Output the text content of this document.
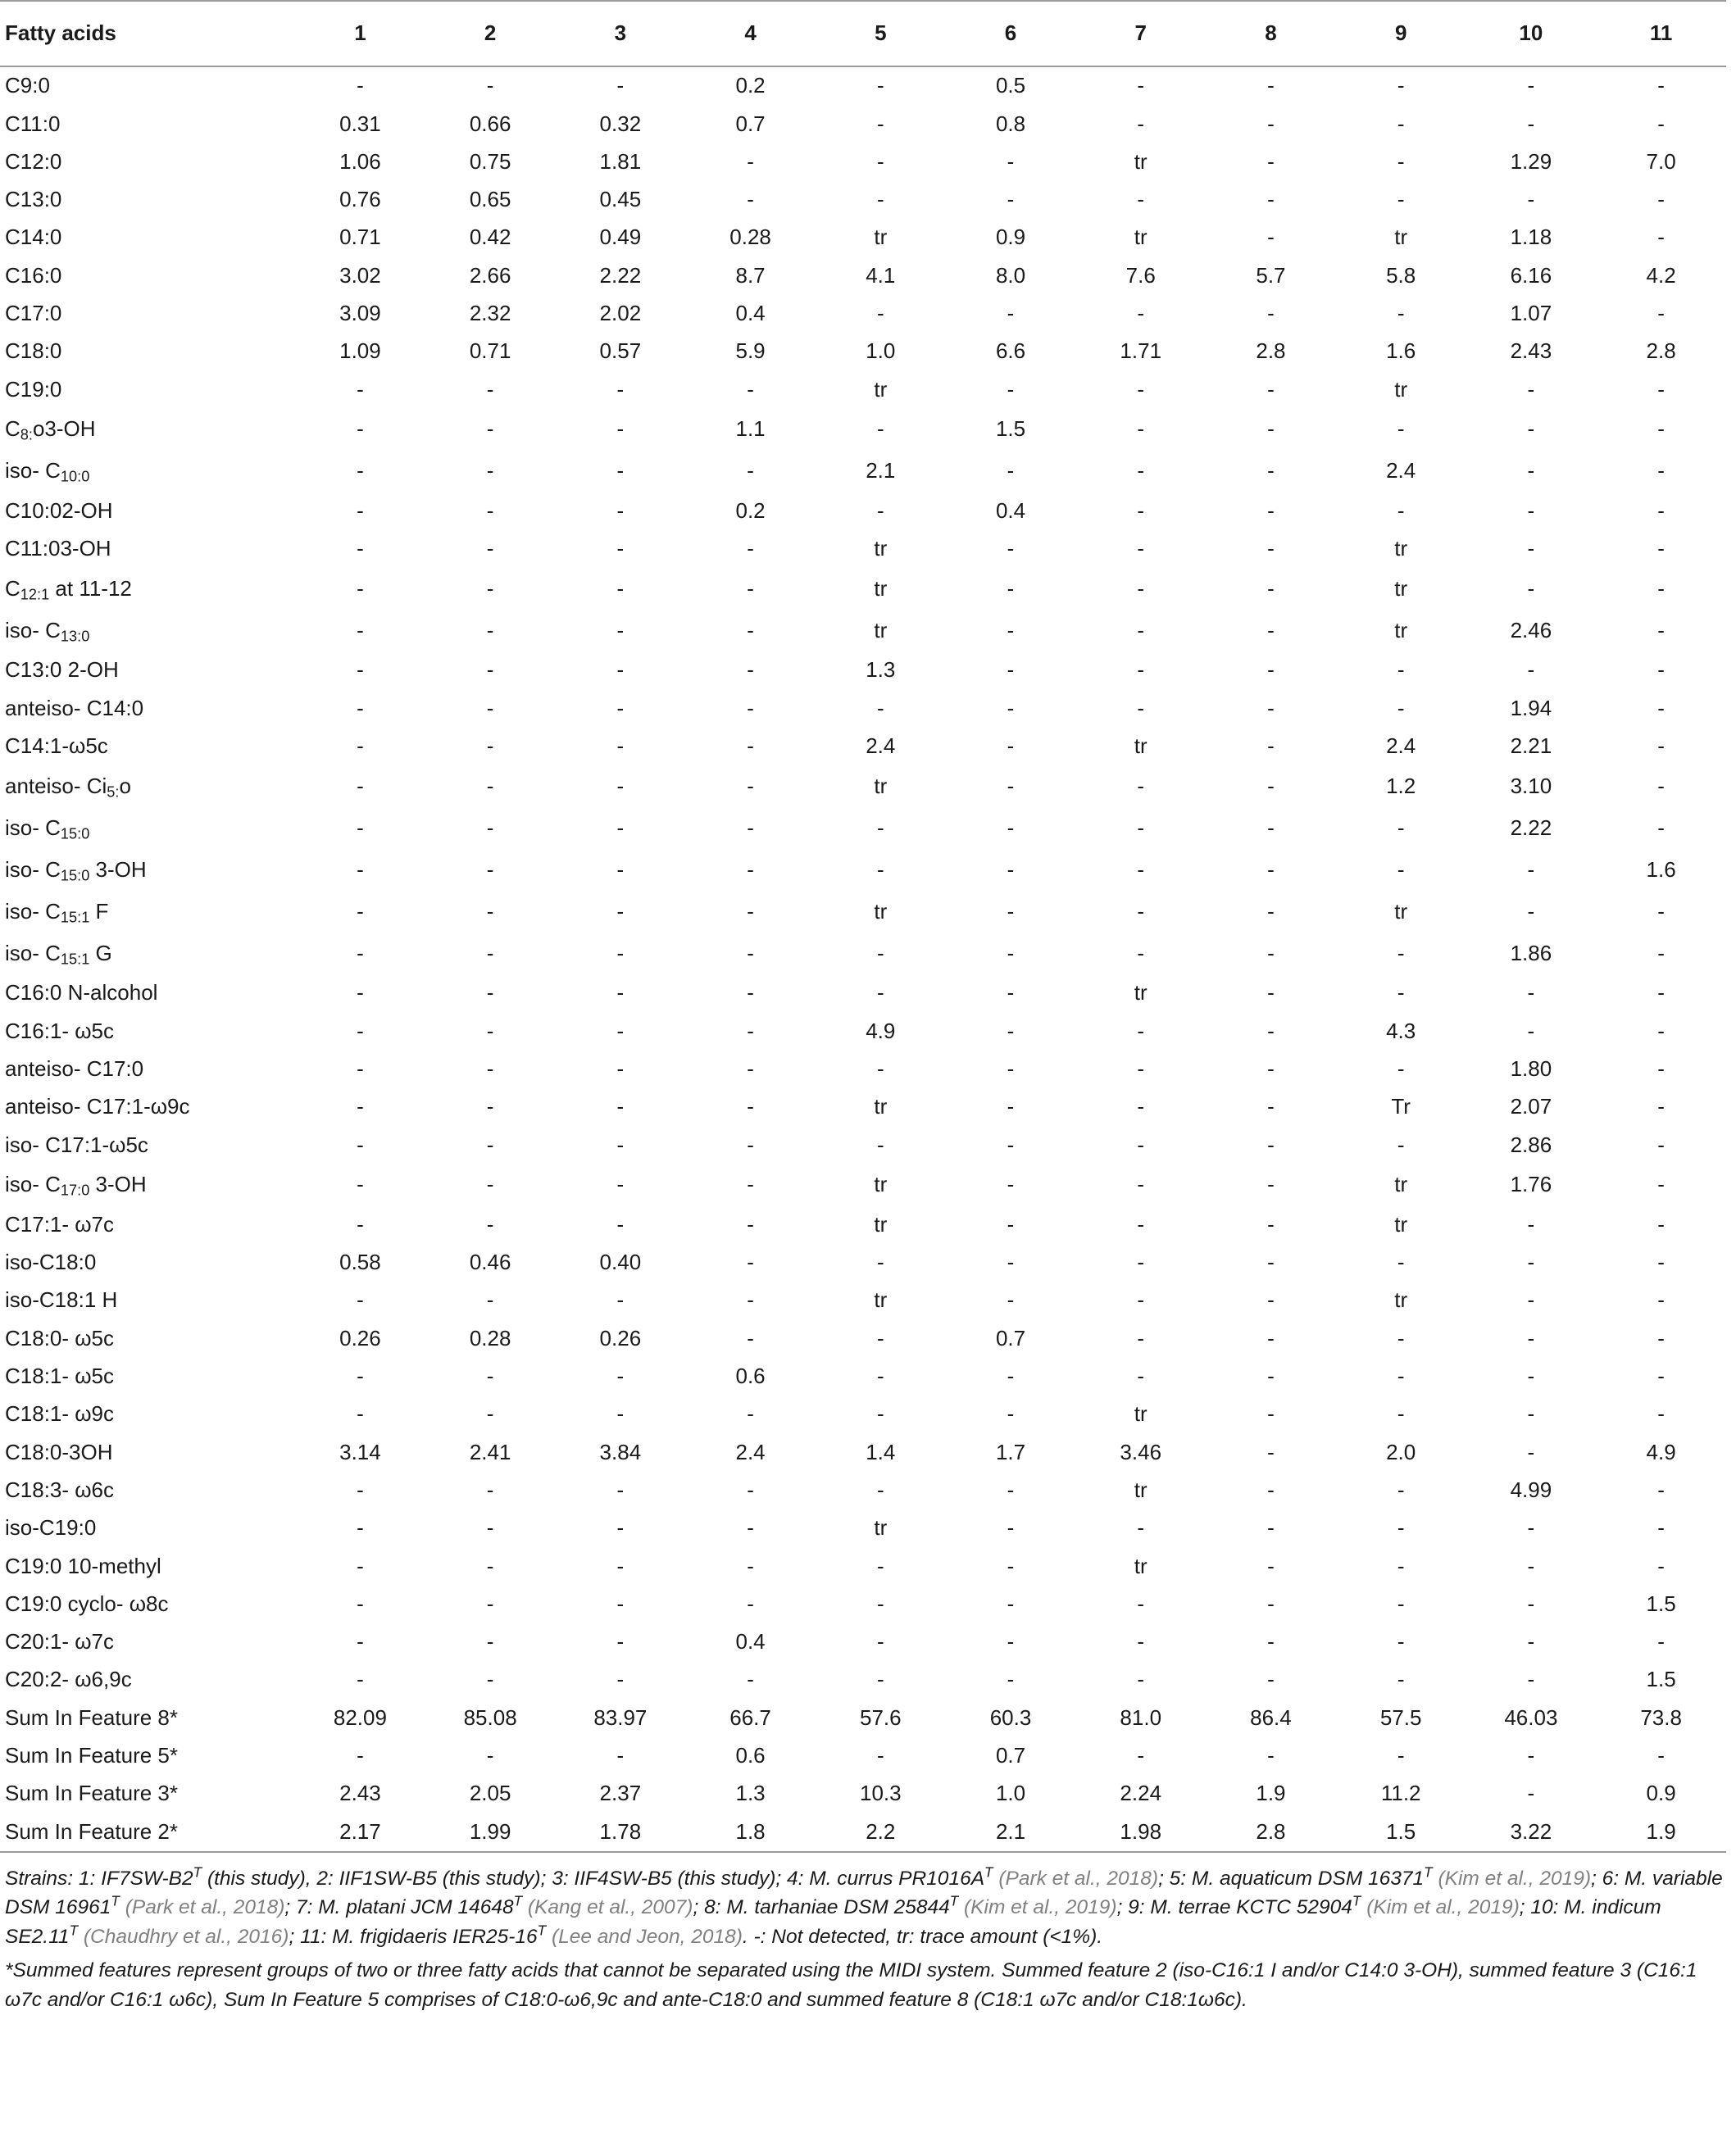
Fatty acids	1	2	3	4	5	6	7	8	9	10	11
C9:0	-	-	-	0.2	-	0.5	-	-	-	-	-
C11:0	0.31	0.66	0.32	0.7	-	0.8	-	-	-	-	-
C12:0	1.06	0.75	1.81	-	-	-	tr	-	-	1.29	7.0
C13:0	0.76	0.65	0.45	-	-	-	-	-	-	-	-
C14:0	0.71	0.42	0.49	0.28	tr	0.9	tr	-	tr	1.18	-
C16:0	3.02	2.66	2.22	8.7	4.1	8.0	7.6	5.7	5.8	6.16	4.2
C17:0	3.09	2.32	2.02	0.4	-	-	-	-	-	1.07	-
C18:0	1.09	0.71	0.57	5.9	1.0	6.6	1.71	2.8	1.6	2.43	2.8
C19:0	-	-	-	-	tr	-	-	-	tr	-	-
$C_{8:}o3-OH$	-	-	-	1.1	-	1.5	-	-	-	-	-
iso- $C_{10:0}$	-	-	-	-	2.1	-	-	-	2.4	-	-
C10:02-OH	-	-	-	0.2	-	0.4	-	-	-	-	-
C11:03-OH	-	-	-	-	tr	-	-	-	tr	-	-
$C_{12:1}$ at 11-12	-	-	-	-	tr	-	-	-	tr	-	-
iso- $C_{13:0}$	-	-	-	-	tr	-	-	-	tr	2.46	-
C13:0 2-OH	-	-	-	-	1.3	-	-	-	-	-	-
anteiso- C14:0	-	-	-	-	-	-	-	-	-	1.94	-
C14:1-ω5c	-	-	-	-	2.4	-	tr	-	2.4	2.21	-
anteiso- $Ci_{5:}o$	-	-	-	-	tr	-	-	-	1.2	3.10	-
iso- $C_{15:0}$	-	-	-	-	-	-	-	-	-	2.22	-
iso- $C_{15:0}$ 3-OH	-	-	-	-	-	-	-	-	-	-	1.6
iso- $C_{15:1}$ F	-	-	-	-	tr	-	-	-	tr	-	-
iso- $C_{15:1}$ G	-	-	-	-	-	-	-	-	-	1.86	-
C16:0 N-alcohol	-	-	-	-	-	-	tr	-	-	-	-
C16:1- ω5c	-	-	-	-	4.9	-	-	-	4.3	-	-
anteiso- C17:0	-	-	-	-	-	-	-	-	-	1.80	-
anteiso- C17:1-ω9c	-	-	-	-	tr	-	-	-	Tr	2.07	-
iso- C17:1-ω5c	-	-	-	-	-	-	-	-	-	2.86	-
iso- $C_{17:0}$ 3-OH	-	-	-	-	tr	-	-	-	tr	1.76	-
C17:1- ω7c	-	-	-	-	tr	-	-	-	tr	-	-
iso-C18:0	0.58	0.46	0.40	-	-	-	-	-	-	-	-
iso-C18:1 H	-	-	-	-	tr	-	-	-	tr	-	-
C18:0- ω5c	0.26	0.28	0.26	-	-	0.7	-	-	-	-	-
C18:1- ω5c	-	-	-	0.6	-	-	-	-	-	-	-
C18:1- ω9c	-	-	-	-	-	-	tr	-	-	-	-
C18:0-3OH	3.14	2.41	3.84	2.4	1.4	1.7	3.46	-	2.0	-	4.9
C18:3- ω6c	-	-	-	-	-	-	tr	-	-	4.99	-
iso-C19:0	-	-	-	-	tr	-	-	-	-	-	-
C19:0 10-methyl	-	-	-	-	-	-	tr	-	-	-	-
C19:0 cyclo- ω8c	-	-	-	-	-	-	-	-	-	-	1.5
C20:1- ω7c	-	-	-	0.4	-	-	-	-	-	-	-
C20:2- ω6,9c	-	-	-	-	-	-	-	-	-	-	1.5
Sum In Feature 8*	82.09	85.08	83.97	66.7	57.6	60.3	81.0	86.4	57.5	46.03	73.8
Sum In Feature 5*	-	-	-	0.6	-	0.7	-	-	-	-	-
Sum In Feature 3*	2.43	2.05	2.37	1.3	10.3	1.0	2.24	1.9	11.2	-	0.9
Sum In Feature 2*	2.17	1.99	1.78	1.8	2.2	2.1	1.98	2.8	1.5	3.22	1.9

Strains: 1: $IF7SW-B2^T$ (this study), 2: IIF1SW-B5 (this study); 3: IIF4SW-B5 (this study); 4: M. currus $PR1016A^T$ (Park et al., 2018); 5: M. aquaticum DSM $16371^T$ (Kim et al., 2019); 6: M. variable DSM $16961^T$ (Park et al., 2018); 7: M. platani JCM $14648^T$ (Kang et al., 2007); 8: M. tarhaniae DSM $25844^T$ (Kim et al., 2019); 9: M. terrae KCTC $52904^T$ (Kim et al., 2019); 10: M. indicum $SE2.11^T$ (Chaudhry et al., 2016); 11: M. frigidaeris $IER25-16^T$ (Lee and Jeon, 2018). -: Not detected, tr: trace amount (<1%).

*Summed features represent groups of two or three fatty acids that cannot be separated using the MIDI system. Summed feature 2 (iso-C16:1 I and/or C14:0 3-OH), summed feature 3 (C16:1 ω7c and/or C16:1 ω6c), Sum In Feature 5 comprises of C18:0-ω6,9c and ante-C18:0 and summed feature 8 (C18:1 ω7c and/or C18:1ω6c).
